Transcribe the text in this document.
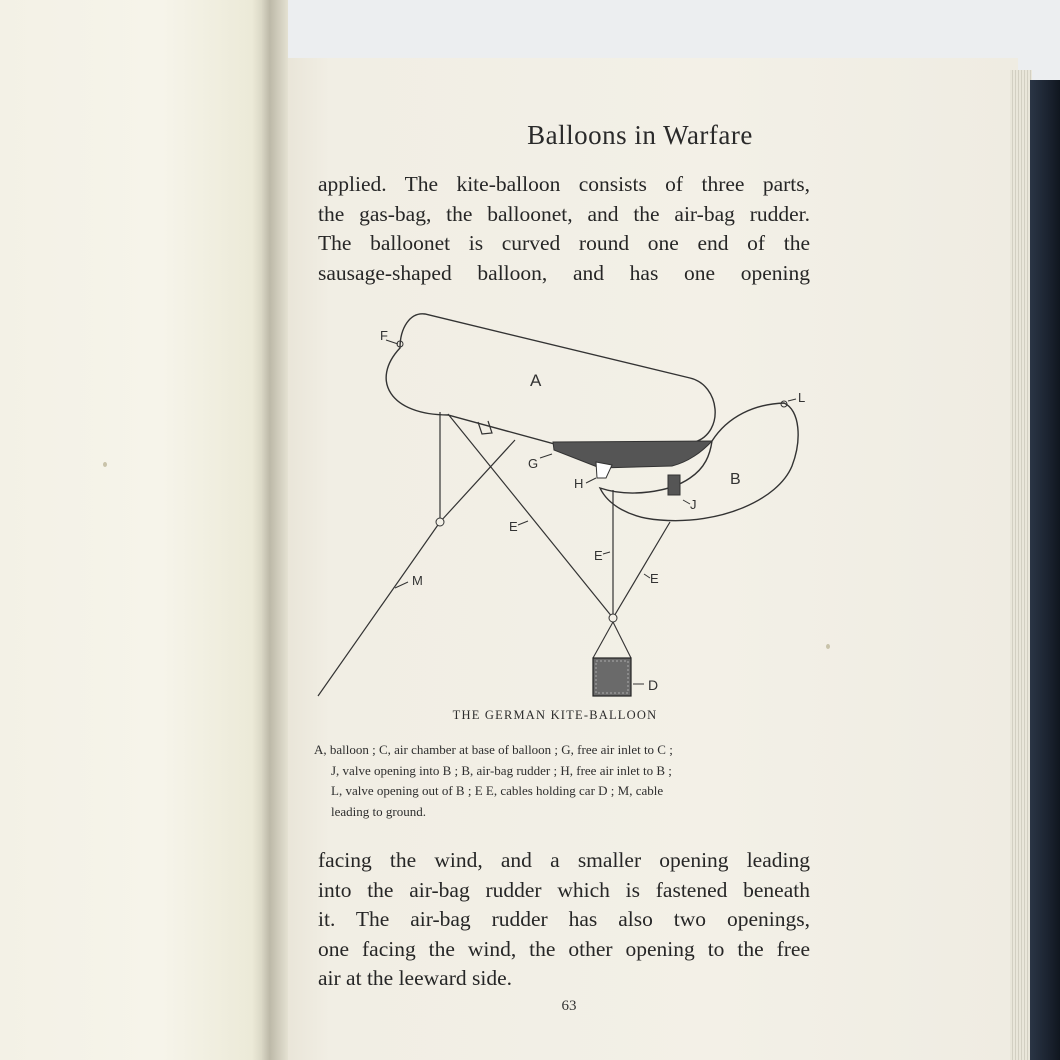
Balloons in Warfare
applied. The kite-balloon consists of three parts,
the gas-bag, the balloonet, and the air-bag rudder.
The balloonet is curved round one end of the
sausage-shaped balloon, and has one opening
F
A
L
G
H	B
J
E
E
E
M
D
THE GERMAN KITE-BALLOON
A, balloon ; C, air chamber at base of balloon ; G, free air inlet to C ;
J, valve opening into B ; B, air-bag rudder ; H, free air inlet to B ;
L, valve opening out of B ; E E, cables holding car D ; M, cable
leading to ground.
facing the wind, and a smaller opening leading
into the air-bag rudder which is fastened beneath
it. The air-bag rudder has also two openings,
one facing the wind, the other opening to the free
air at the leeward side.
63
